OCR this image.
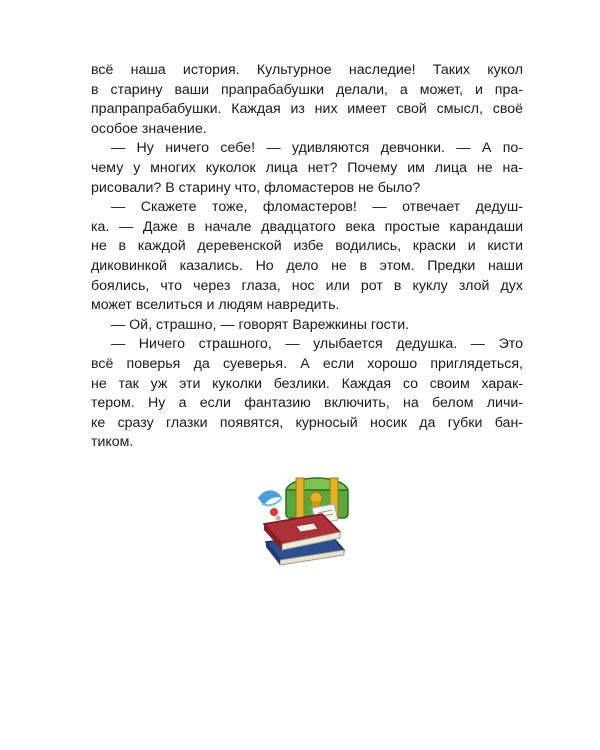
всё наша история. Культурное наследие! Таких кукол
в старину ваши прапрабабушки делали, а может, и пра-
прапрапрабабушки. Каждая из них имеет свой смысл, своё
особое значение.
— Ну ничего себе! — удивляются девчонки. — А по-
чему у многих куколок лица нет? Почему им лица не на-
рисовали? В старину что, фломастеров не было?
— Скажете тоже, фломастеров! — отвечает дедуш-
ка. — Даже в начале двадцатого века простые карандаши
не в каждой деревенской избе водились, краски и кисти
диковинкой казались. Но дело не в этом. Предки наши
боялись, что через глаза, нос или рот в куклу злой дух
может вселиться и людям навредить.
— Ой, страшно, — говорят Варежкины гости.
— Ничего страшного, — улыбается дедушка. — Это
всё поверья да суеверья. А если хорошо приглядеться,
не так уж эти куколки безлики. Каждая со своим харак-
тером. Ну а если фантазию включить, на белом личи-
ке сразу глазки появятся, курносый носик да губки бан-
тиком.
